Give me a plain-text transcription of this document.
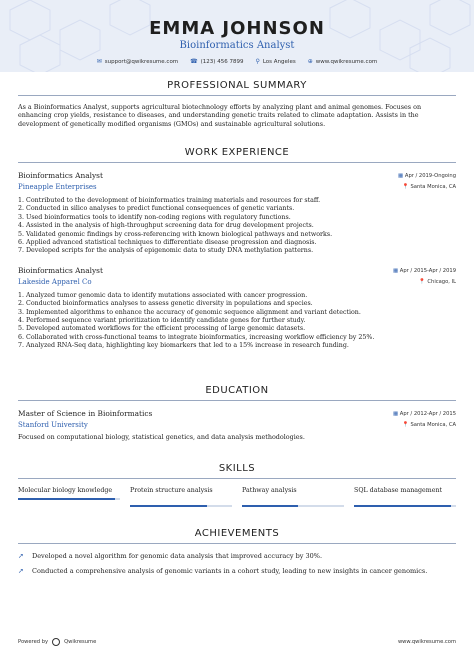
EMMA JOHNSON
Bioinformatics Analyst
✉ support@qwikresume.com ☎ (123) 456 7899 ⚲ Los Angeles ⊕ www.qwikresume.com
PROFESSIONAL SUMMARY
As a Bioinformatics Analyst, supports agricultural biotechnology efforts by analyzing plant and animal genomes. Focuses on
enhancing crop yields, resistance to diseases, and understanding genetic traits related to climate adaptation. Assists in the
development of genetically modified organisms (GMOs) and sustainable agricultural solutions.
WORK EXPERIENCE
Bioinformatics Analyst
Pineapple Enterprises
▦ Apr / 2019-Ongoing
📍 Santa Monica, CA
1. Contributed to the development of bioinformatics training materials and resources for staff.
2. Conducted in silico analyses to predict functional consequences of genetic variants.
3. Used bioinformatics tools to identify non-coding regions with regulatory functions.
4. Assisted in the analysis of high-throughput screening data for drug development projects.
5. Validated genomic findings by cross-referencing with known biological pathways and networks.
6. Applied advanced statistical techniques to differentiate disease progression and diagnosis.
7. Developed scripts for the analysis of epigenomic data to study DNA methylation patterns.
Bioinformatics Analyst
Lakeside Apparel Co
▦ Apr / 2015-Apr / 2019
📍 Chicago, IL
1. Analyzed tumor genomic data to identify mutations associated with cancer progression.
2. Conducted bioinformatics analyses to assess genetic diversity in populations and species.
3. Implemented algorithms to enhance the accuracy of genomic sequence alignment and variant detection.
4. Performed sequence variant prioritization to identify candidate genes for further study.
5. Developed automated workflows for the efficient processing of large genomic datasets.
6. Collaborated with cross-functional teams to integrate bioinformatics, increasing workflow efficiency by 25%.
7. Analyzed RNA-Seq data, highlighting key biomarkers that led to a 15% increase in research funding.
EDUCATION
Master of Science in Bioinformatics
Stanford University
▦ Apr / 2012-Apr / 2015
📍 Santa Monica, CA
Focused on computational biology, statistical genetics, and data analysis methodologies.
SKILLS
Molecular biology knowledge	Protein structure analysis	Pathway analysis	SQL database management
ACHIEVEMENTS
➚	Developed a novel algorithm for genomic data analysis that improved accuracy by 30%.
➚	Conducted a comprehensive analysis of genomic variants in a cohort study, leading to new insights in cancer genomics.
Powered by	Qwikresume	www.qwikresume.com
